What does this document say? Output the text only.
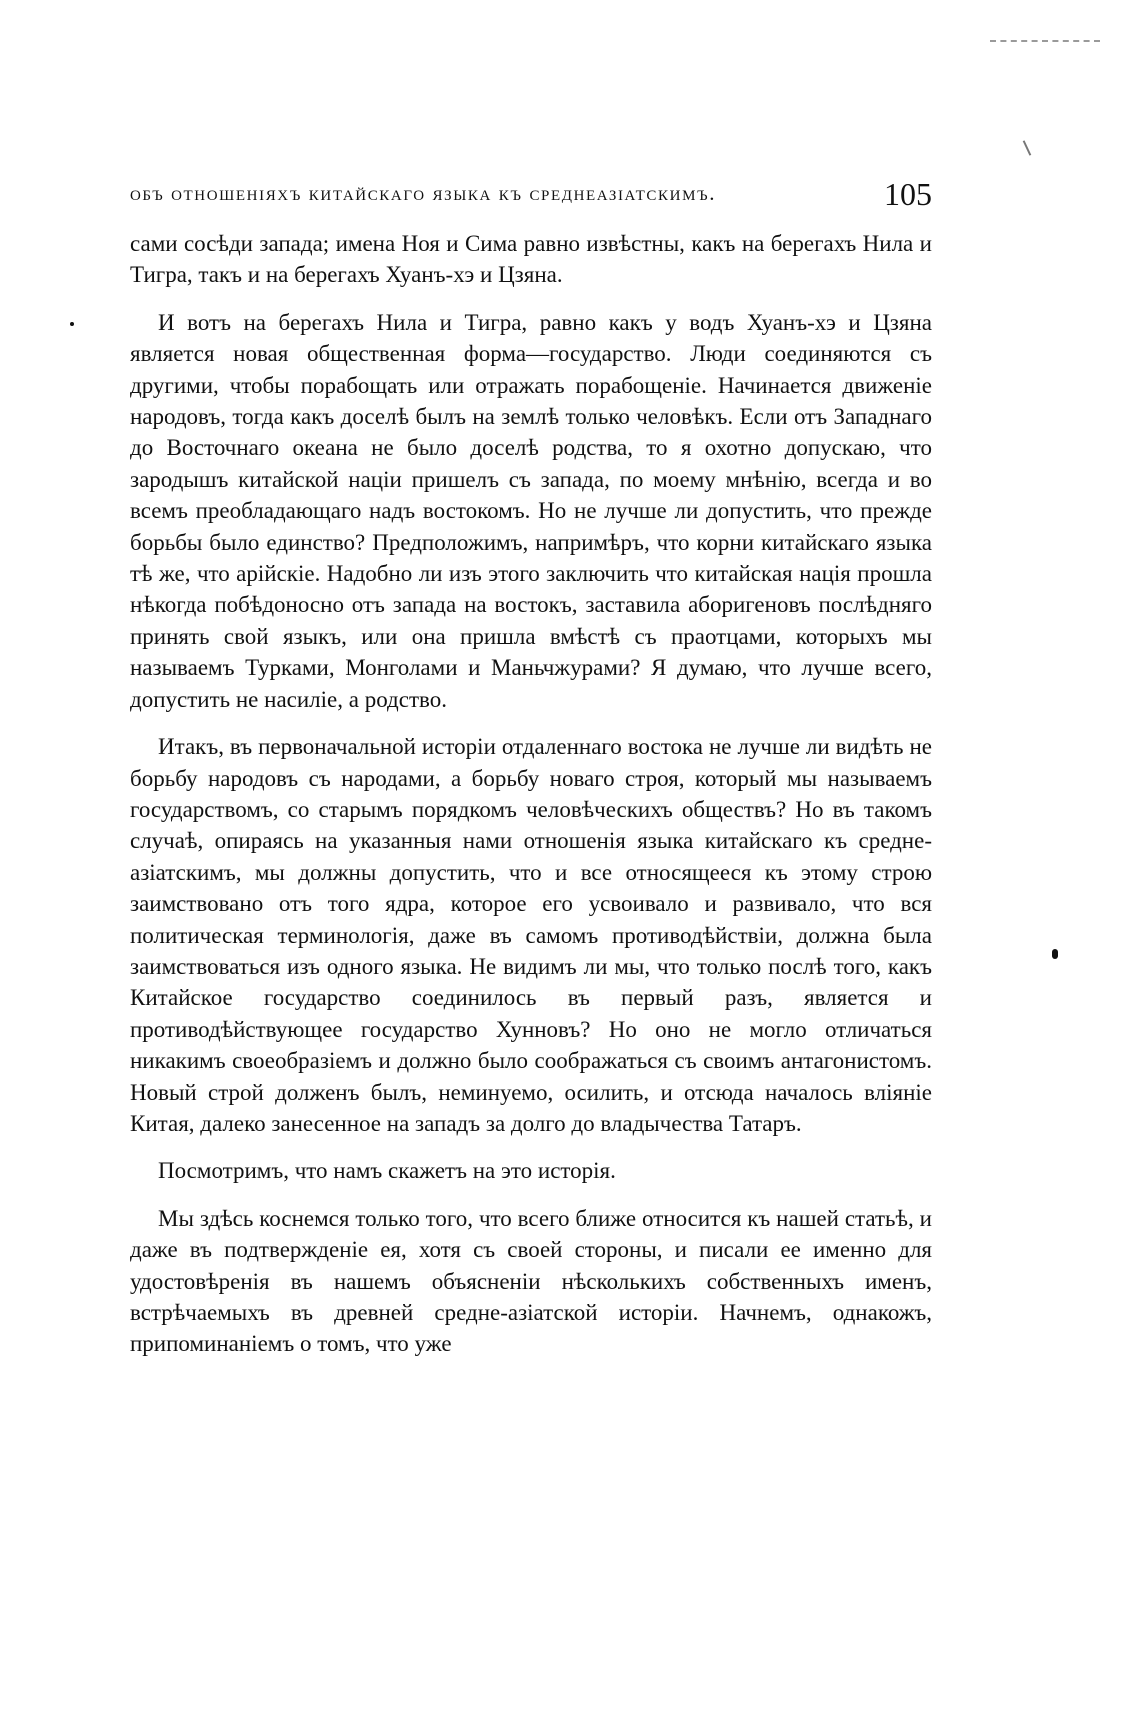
объ отношеніяхъ китайскаго языка къ среднеазіатскимъ.	105

сами сосѣди запада; имена Ноя и Сима равно извѣстны, какъ на берегахъ Нила и Тигра, такъ и на берегахъ Хуанъ-хэ и Цзяна.

И вотъ на берегахъ Нила и Тигра, равно какъ у водъ Хуанъ-хэ и Цзяна является новая общественная форма—государство. Люди соединяются съ другими, чтобы порабощать или отражать порабощеніе. Начинается движеніе народовъ, тогда какъ доселѣ былъ на землѣ только человѣкъ. Если отъ Западнаго до Восточнаго океана не было доселѣ родства, то я охотно допускаю, что зародышъ китайской націи пришелъ съ запада, по моему мнѣнію, всегда и во всемъ преобладающаго надъ востокомъ. Но не лучше ли допустить, что прежде борьбы было единство? Предположимъ, напримѣръ, что корни китайскаго языка тѣ же, что арійскіе. Надобно ли изъ этого заключить что китайская нація прошла нѣкогда побѣдоносно отъ запада на востокъ, заставила аборигеновъ послѣдняго принять свой языкъ, или она пришла вмѣстѣ съ праотцами, которыхъ мы называемъ Турками, Монголами и Маньчжурами? Я думаю, что лучше всего, допустить не насиліе, а родство.

Итакъ, въ первоначальной исторіи отдаленнаго востока не лучше ли видѣть не борьбу народовъ съ народами, а борьбу новаго строя, который мы называемъ государствомъ, со старымъ порядкомъ человѣческихъ обществъ? Но въ такомъ случаѣ, опираясь на указанныя нами отношенія языка китайскаго къ средне-азіатскимъ, мы должны допустить, что и все относящееся къ этому строю заимствовано отъ того ядра, которое его усвоивало и развивало, что вся политическая терминологія, даже въ самомъ противодѣйствіи, должна была заимствоваться изъ одного языка. Не видимъ ли мы, что только послѣ того, какъ Китайское государство соединилось въ первый разъ, является и противодѣйствующее государство Хунновъ? Но оно не могло отличаться никакимъ своеобразіемъ и должно было соображаться съ своимъ антагонистомъ. Новый строй долженъ былъ, неминуемо, осилить, и отсюда началось вліяніе Китая, далеко занесенное на западъ за долго до владычества Татаръ.

Посмотримъ, что намъ скажетъ на это исторія.

Мы здѣсь коснемся только того, что всего ближе относится къ нашей статьѣ, и даже въ подтвержденіе ея, хотя съ своей стороны, и писали ее именно для удостовѣренія въ нашемъ объясненіи нѣсколькихъ собственныхъ именъ, встрѣчаемыхъ въ древней средне-азіатской исторіи. Начнемъ, однакожъ, припоминаніемъ о томъ, что уже
